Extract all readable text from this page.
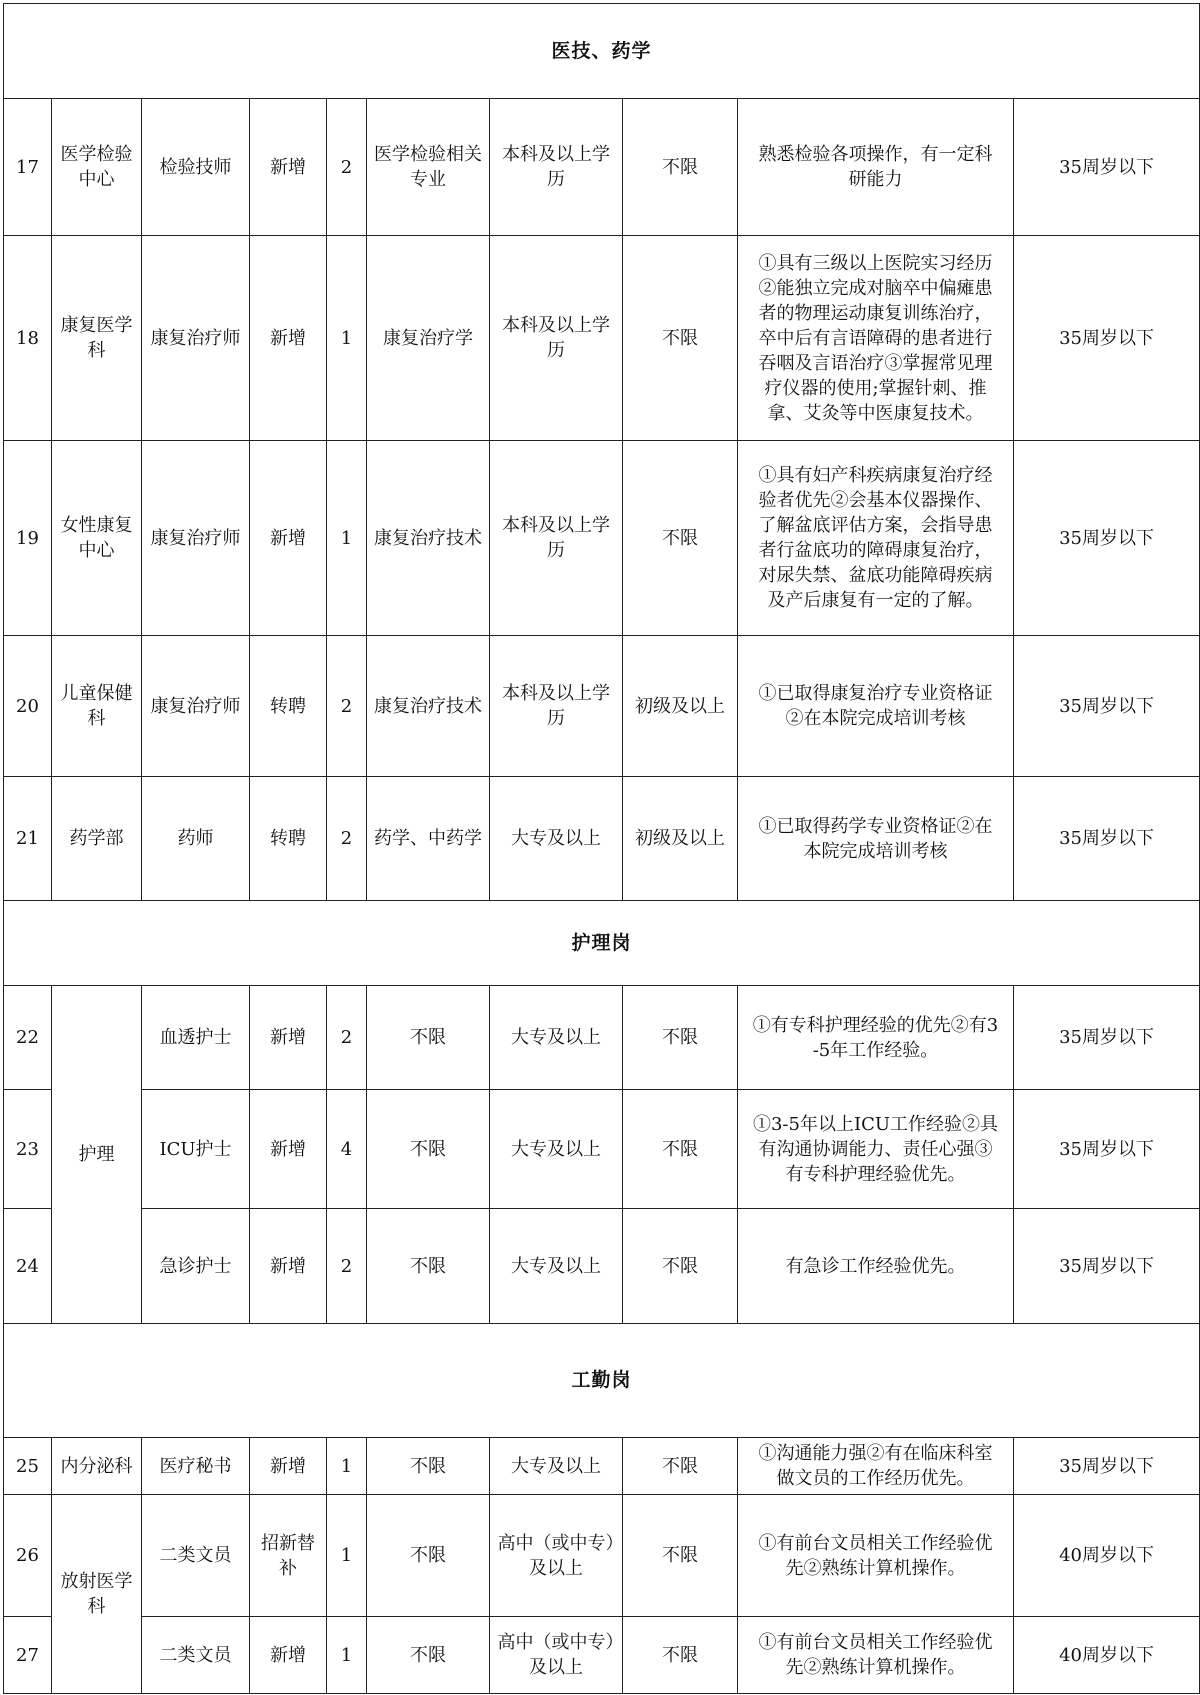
医技、药学									
17	医学检验中心	检验技师	新增	2	医学检验相关专业	本科及以上学历	不限	熟悉检验各项操作，有一定科研能力	35周岁以下
18	康复医学科	康复治疗师	新增	1	康复治疗学	本科及以上学历	不限	①具有三级以上医院实习经历②能独立完成对脑卒中偏瘫患者的物理运动康复训练治疗，卒中后有言语障碍的患者进行吞咽及言语治疗③掌握常见理疗仪器的使用;掌握针刺、推拿、艾灸等中医康复技术。	35周岁以下
19	女性康复中心	康复治疗师	新增	1	康复治疗技术	本科及以上学历	不限	①具有妇产科疾病康复治疗经验者优先②会基本仪器操作、了解盆底评估方案，会指导患者行盆底功的障碍康复治疗，对尿失禁、盆底功能障碍疾病及产后康复有一定的了解。	35周岁以下
20	儿童保健科	康复治疗师	转聘	2	康复治疗技术	本科及以上学历	初级及以上	①已取得康复治疗专业资格证②在本院完成培训考核	35周岁以下
21	药学部	药师	转聘	2	药学、中药学	大专及以上	初级及以上	①已取得药学专业资格证②在本院完成培训考核	35周岁以下
护理岗									
22	护理	血透护士	新增	2	不限	大专及以上	不限	①有专科护理经验的优先②有3-5年工作经验。	35周岁以下
23		ICU护士	新增	4	不限	大专及以上	不限	①3-5年以上ICU工作经验②具有沟通协调能力、责任心强③有专科护理经验优先。	35周岁以下
24		急诊护士	新增	2	不限	大专及以上	不限	有急诊工作经验优先。	35周岁以下
工勤岗									
25	内分泌科	医疗秘书	新增	1	不限	大专及以上	不限	①沟通能力强②有在临床科室做文员的工作经历优先。	35周岁以下
26	放射医学科	二类文员	招新替补	1	不限	高中（或中专）及以上	不限	①有前台文员相关工作经验优先②熟练计算机操作。	40周岁以下
27		二类文员	新增	1	不限	高中（或中专）及以上	不限	①有前台文员相关工作经验优先②熟练计算机操作。	40周岁以下
